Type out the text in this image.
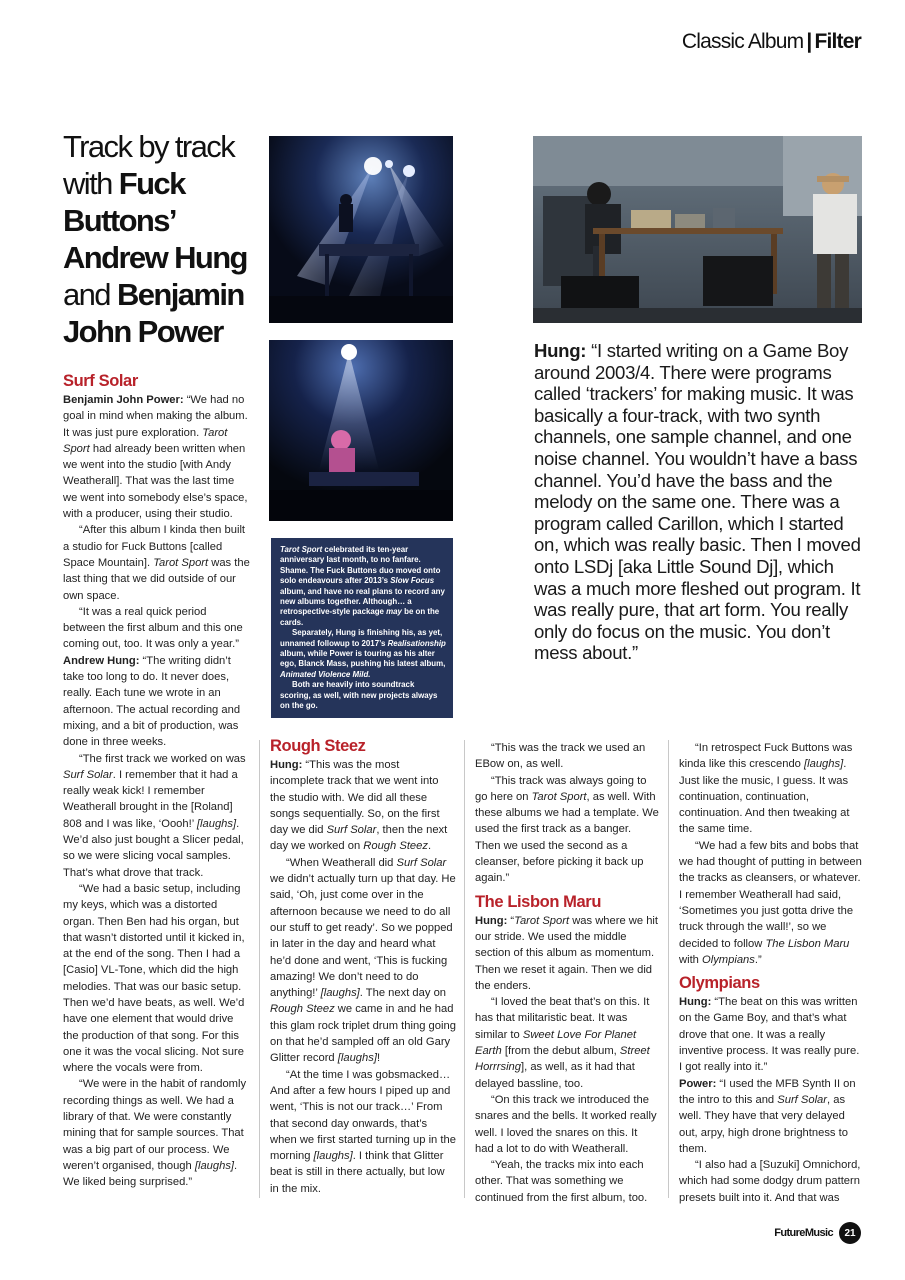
Classic Album | Filter
Track by track with Fuck Buttons’ Andrew Hung and Benjamin John Power

Tarot Sport celebrated its ten-year anniversary last month, to no fanfare. Shame. The Fuck Buttons duo moved onto solo endeavours after 2013’s Slow Focus album, and have no real plans to record any new albums together. Although… a retrospective-style package may be on the cards.

Separately, Hung is finishing his, as yet, unnamed followup to 2017’s Realisationship album, while Power is touring as his alter ego, Blanck Mass, pushing his latest album, Animated Violence Mild.

Both are heavily into soundtrack scoring, as well, with new projects always on the go.

Hung: “I started writing on a Game Boy around 2003/4. There were programs called ‘trackers’ for making music. It was basically a four-track, with two synth channels, one sample channel, and one noise channel. You wouldn’t have a bass channel. You’d have the bass and the melody on the same one. There was a program called Carillon, which I started on, which was really basic. Then I moved onto LSDj [aka Little Sound Dj], which was a much more fleshed out program. It was really pure, that art form. You really only do focus on the music. You don’t mess about.”
Surf Solar

Benjamin John Power: “We had no goal in mind when making the album. It was just pure exploration. Tarot Sport had already been written when we went into the studio [with Andy Weatherall]. That was the last time we went into somebody else’s space, with a producer, using their studio.

“After this album I kinda then built a studio for Fuck Buttons [called Space Mountain]. Tarot Sport was the last thing that we did outside of our own space.

“It was a real quick period between the first album and this one coming out, too. It was only a year.”

Andrew Hung: “The writing didn’t take too long to do. It never does, really. Each tune we wrote in an afternoon. The actual recording and mixing, and a bit of production, was done in three weeks.

“The first track we worked on was Surf Solar. I remember that it had a really weak kick! I remember Weatherall brought in the [Roland] 808 and I was like, ‘Oooh!’ [laughs]. We’d also just bought a Slicer pedal, so we were slicing vocal samples. That’s what drove that track.

“We had a basic setup, including my keys, which was a distorted organ. Then Ben had his organ, but that wasn’t distorted until it kicked in, at the end of the song. Then I had a [Casio] VL-Tone, which did the high melodies. That was our basic setup. Then we’d have beats, as well. We’d have one element that would drive the production of that song. For this one it was the vocal slicing. Not sure where the vocals were from.

“We were in the habit of randomly recording things as well. We had a library of that. We were constantly mining that for sample sources. That was a big part of our process. We weren’t organised, though [laughs]. We liked being surprised.”

Rough Steez

Hung: “This was the most incomplete track that we went into the studio with. We did all these songs sequentially. So, on the first day we did Surf Solar, then the next day we worked on Rough Steez.

“When Weatherall did Surf Solar we didn’t actually turn up that day. He said, ‘Oh, just come over in the afternoon because we need to do all our stuff to get ready’. So we popped in later in the day and heard what he’d done and went, ‘This is fucking amazing! We don’t need to do anything!’ [laughs]. The next day on Rough Steez we came in and he had this glam rock triplet drum thing going on that he’d sampled off an old Gary Glitter record [laughs]!

“At the time I was gobsmacked… And after a few hours I piped up and went, ‘This is not our track…’ From that second day onwards, that’s when we first started turning up in the morning [laughs]. I think that Glitter beat is still in there actually, but low in the mix.

“This was the track we used an EBow on, as well.

“This track was always going to go here on Tarot Sport, as well. With these albums we had a template. We used the first track as a banger. Then we used the second as a cleanser, before picking it back up again.”

The Lisbon Maru

Hung: “Tarot Sport was where we hit our stride. We used the middle section of this album as momentum. Then we reset it again. Then we did the enders.

“I loved the beat that’s on this. It has that militaristic beat. It was similar to Sweet Love For Planet Earth [from the debut album, Street Horrrsing], as well, as it had that delayed bassline, too.

“On this track we introduced the snares and the bells. It worked really well. I loved the snares on this. It had a lot to do with Weatherall.

“Yeah, the tracks mix into each other. That was something we continued from the first album, too.

“In retrospect Fuck Buttons was kinda like this crescendo [laughs]. Just like the music, I guess. It was continuation, continuation, continuation. And then tweaking at the same time.

“We had a few bits and bobs that we had thought of putting in between the tracks as cleansers, or whatever. I remember Weatherall had said, ‘Sometimes you just gotta drive the truck through the wall!’, so we decided to follow The Lisbon Maru with Olympians.”

Olympians

Hung: “The beat on this was written on the Game Boy, and that’s what drove that one. It was a really inventive process. It was really pure. I got really into it.”

Power: “I used the MFB Synth II on the intro to this and Surf Solar, as well. They have that very delayed out, arpy, high drone brightness to them.

“I also had a [Suzuki] Omnichord, which had some dodgy drum pattern presets built into it. And that was

FutureMusic	21
